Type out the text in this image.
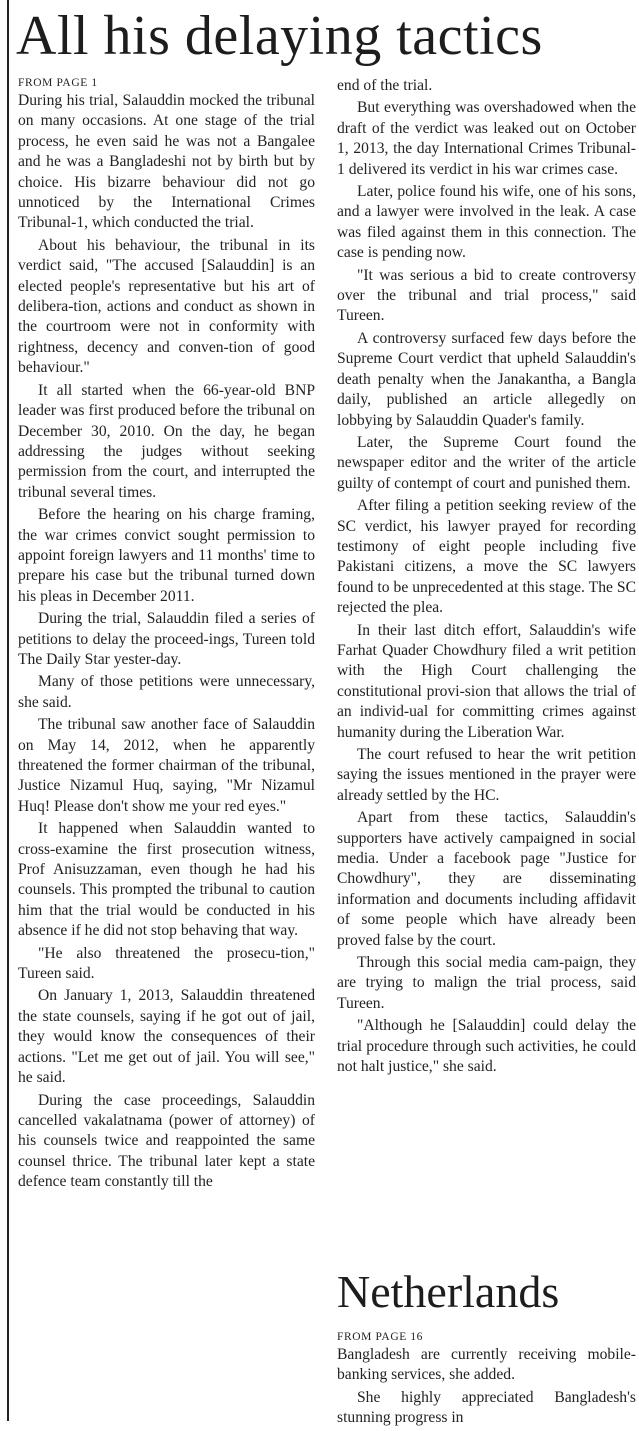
All his delaying tactics
FROM PAGE 1

During his trial, Salauddin mocked the tribunal on many occasions. At one stage of the trial process, he even said he was not a Bangalee and he was a Bangladeshi not by birth but by choice. His bizarre behaviour did not go unnoticed by the International Crimes Tribunal-1, which conducted the trial.

About his behaviour, the tribunal in its verdict said, "The accused [Salauddin] is an elected people's representative but his art of delibera-tion, actions and conduct as shown in the courtroom were not in conformity with rightness, decency and conven-tion of good behaviour."

It all started when the 66-year-old BNP leader was first produced before the tribunal on December 30, 2010. On the day, he began addressing the judges without seeking permission from the court, and interrupted the tribunal several times.

Before the hearing on his charge framing, the war crimes convict sought permission to appoint foreign lawyers and 11 months' time to prepare his case but the tribunal turned down his pleas in December 2011.

During the trial, Salauddin filed a series of petitions to delay the proceed-ings, Tureen told The Daily Star yester-day.

Many of those petitions were unnecessary, she said.

The tribunal saw another face of Salauddin on May 14, 2012, when he apparently threatened the former chairman of the tribunal, Justice Nizamul Huq, saying, "Mr Nizamul Huq! Please don't show me your red eyes."

It happened when Salauddin wanted to cross-examine the first prosecution witness, Prof Anisuzzaman, even though he had his counsels. This prompted the tribunal to caution him that the trial would be conducted in his absence if he did not stop behaving that way.

"He also threatened the prosecu-tion," Tureen said.

On January 1, 2013, Salauddin threatened the state counsels, saying if he got out of jail, they would know the consequences of their actions. "Let me get out of jail. You will see," he said.

During the case proceedings, Salauddin cancelled vakalatnama (power of attorney) of his counsels twice and reappointed the same counsel thrice. The tribunal later kept a state defence team constantly till the

end of the trial.

But everything was overshadowed when the draft of the verdict was leaked out on October 1, 2013, the day International Crimes Tribunal-1 delivered its verdict in his war crimes case.

Later, police found his wife, one of his sons, and a lawyer were involved in the leak. A case was filed against them in this connection. The case is pending now.

"It was serious a bid to create controversy over the tribunal and trial process," said Tureen.

A controversy surfaced few days before the Supreme Court verdict that upheld Salauddin's death penalty when the Janakantha, a Bangla daily, published an article allegedly on lobbying by Salauddin Quader's family.

Later, the Supreme Court found the newspaper editor and the writer of the article guilty of contempt of court and punished them.

After filing a petition seeking review of the SC verdict, his lawyer prayed for recording testimony of eight people including five Pakistani citizens, a move the SC lawyers found to be unprecedented at this stage. The SC rejected the plea.

In their last ditch effort, Salauddin's wife Farhat Quader Chowdhury filed a writ petition with the High Court challenging the constitutional provi-sion that allows the trial of an individ-ual for committing crimes against humanity during the Liberation War.

The court refused to hear the writ petition saying the issues mentioned in the prayer were already settled by the HC.

Apart from these tactics, Salauddin's supporters have actively campaigned in social media. Under a facebook page "Justice for Chowdhury", they are disseminating information and documents including affidavit of some people which have already been proved false by the court.

Through this social media cam-paign, they are trying to malign the trial process, said Tureen.

"Although he [Salauddin] could delay the trial procedure through such activities, he could not halt justice," she said.

Netherlands
FROM PAGE 16

Bangladesh are currently receiving mobile-banking services, she added.

She highly appreciated Bangladesh's stunning progress in
